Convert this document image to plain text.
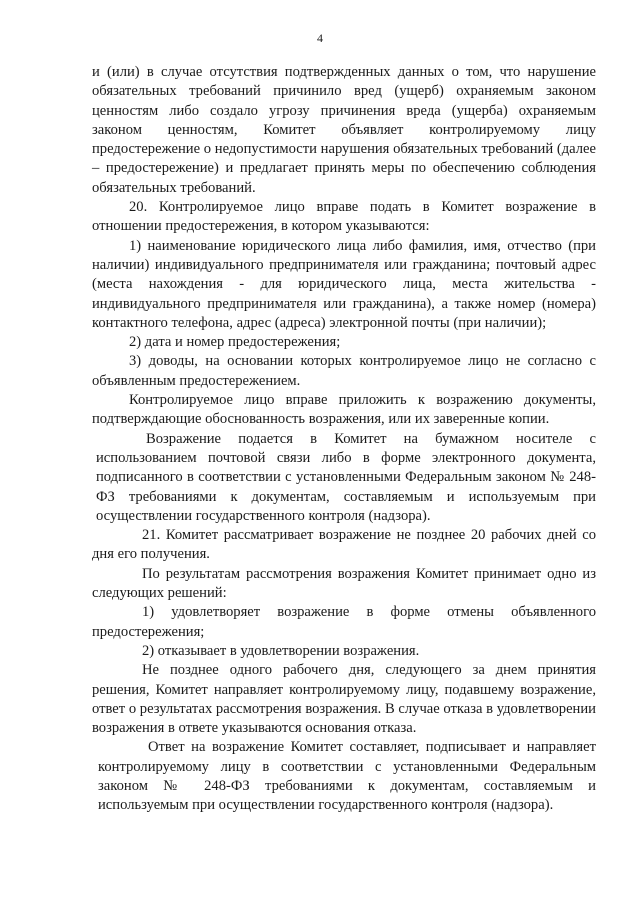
4

и (или) в случае отсутствия подтвержденных данных о том, что нарушение обязательных требований причинило вред (ущерб) охраняемым законом ценностям либо создало угрозу причинения вреда (ущерба) охраняемым законом ценностям, Комитет объявляет контролируемому лицу предостережение о недопустимости нарушения обязательных требований (далее – предостережение) и предлагает принять меры по обеспечению соблюдения обязательных требований.

20. Контролируемое лицо вправе подать в Комитет возражение в отношении предостережения, в котором указываются:

1) наименование юридического лица либо фамилия, имя, отчество (при наличии) индивидуального предпринимателя или гражданина; почтовый адрес (места нахождения - для юридического лица, места жительства - индивидуального предпринимателя или гражданина), а также номер (номера) контактного телефона, адрес (адреса) электронной почты (при наличии);

2) дата и номер предостережения;

3) доводы, на основании которых контролируемое лицо не согласно с объявленным предостережением.

Контролируемое лицо вправе приложить к возражению документы, подтверждающие обоснованность возражения, или их заверенные копии.

Возражение подается в Комитет на бумажном носителе с использованием почтовой связи либо в форме электронного документа, подписанного в соответствии с установленными Федеральным законом № 248-ФЗ требованиями к документам, составляемым и используемым при осуществлении государственного контроля (надзора).

21. Комитет рассматривает возражение не позднее 20 рабочих дней со дня его получения.

По результатам рассмотрения возражения Комитет принимает одно из следующих решений:

1) удовлетворяет возражение в форме отмены объявленного предостережения;

2) отказывает в удовлетворении возражения.

Не позднее одного рабочего дня, следующего за днем принятия решения, Комитет направляет контролируемому лицу, подавшему возражение, ответ о результатах рассмотрения возражения. В случае отказа в удовлетворении возражения в ответе указываются основания отказа.

Ответ на возражение Комитет составляет, подписывает и направляет контролируемому лицу в соответствии с установленными Федеральным законом № 248-ФЗ требованиями к документам, составляемым и используемым при осуществлении государственного контроля (надзора).
